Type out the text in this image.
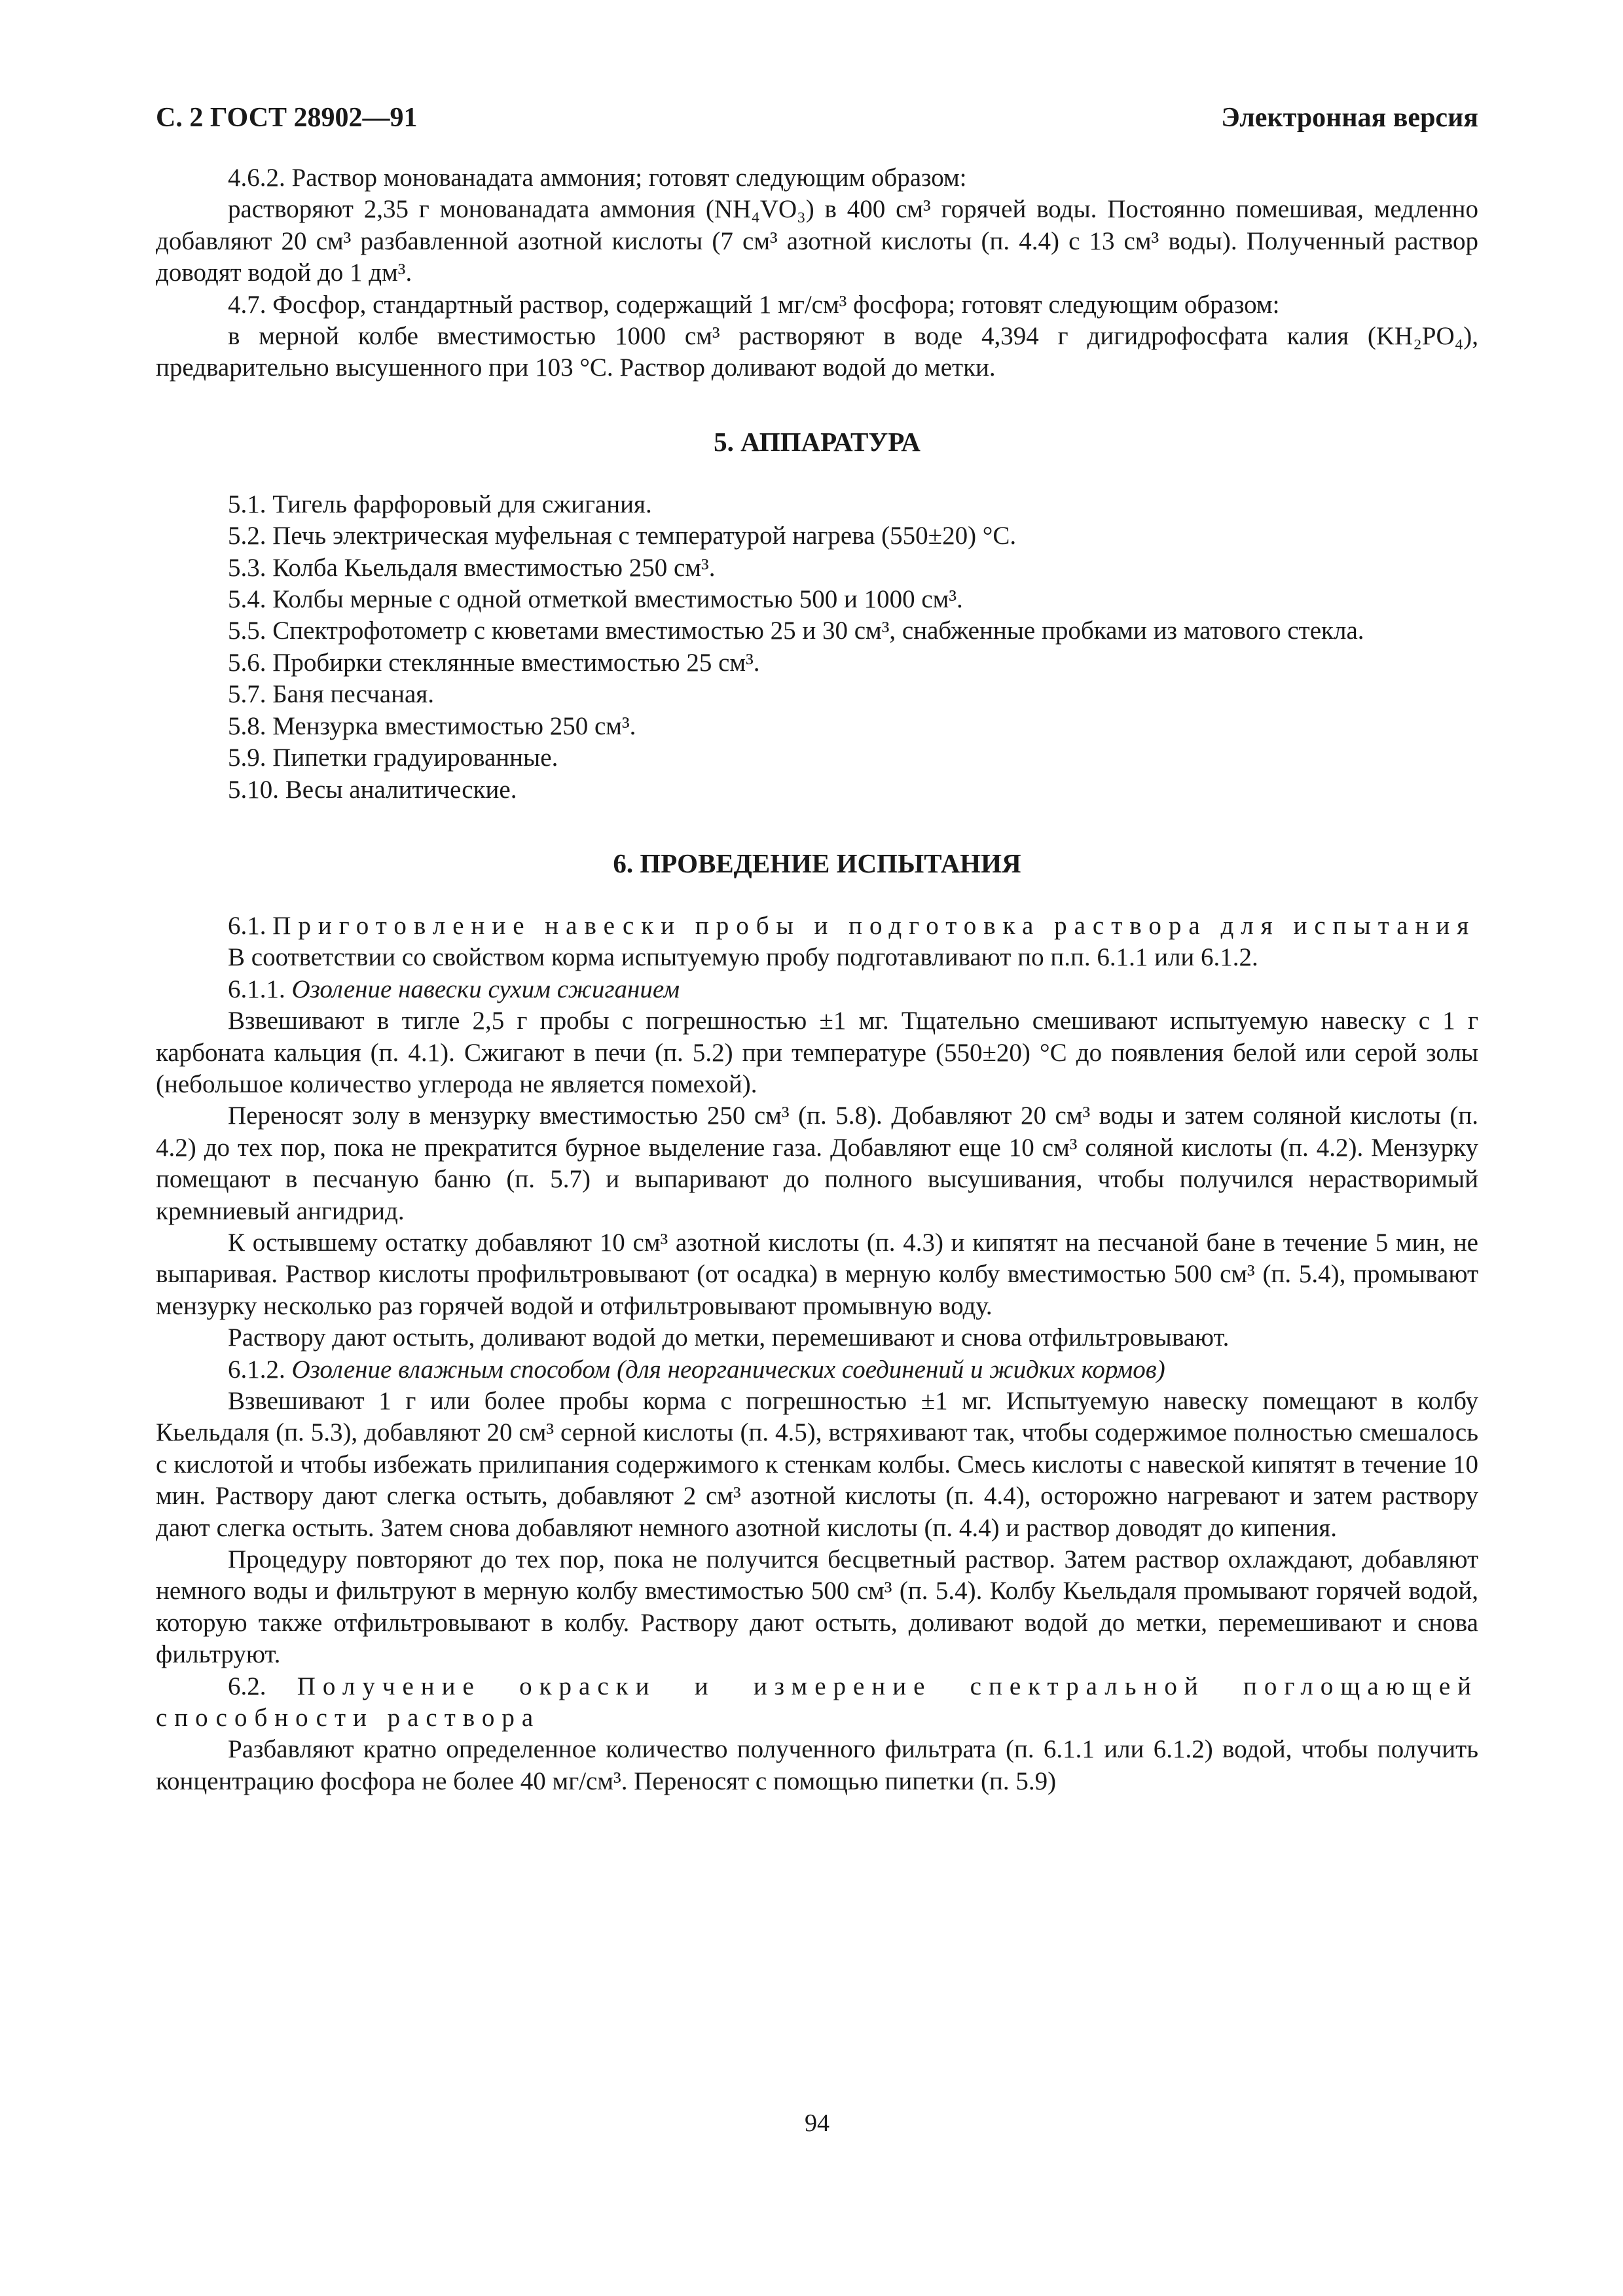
С. 2 ГОСТ 28902—91	Электронная версия

4.6.2. Раствор монованадата аммония; готовят следующим образом:

растворяют 2,35 г монованадата аммония (NH₄VO₃) в 400 см³ горячей воды. Постоянно помешивая, медленно добавляют 20 см³ разбавленной азотной кислоты (7 см³ азотной кислоты (п. 4.4) с 13 см³ воды). Полученный раствор доводят водой до 1 дм³.

4.7. Фосфор, стандартный раствор, содержащий 1 мг/см³ фосфора; готовят следующим образом:

в мерной колбе вместимостью 1000 см³ растворяют в воде 4,394 г дигидрофосфата калия (KH₂PO₄), предварительно высушенного при 103 °С. Раствор доливают водой до метки.

5. АППАРАТУРА

5.1. Тигель фарфоровый для сжигания.

5.2. Печь электрическая муфельная с температурой нагрева (550±20) °С.

5.3. Колба Кьельдаля вместимостью 250 см³.

5.4. Колбы мерные с одной отметкой вместимостью 500 и 1000 см³.

5.5. Спектрофотометр с кюветами вместимостью 25 и 30 см³, снабженные пробками из матового стекла.

5.6. Пробирки стеклянные вместимостью 25 см³.

5.7. Баня песчаная.

5.8. Мензурка вместимостью 250 см³.

5.9. Пипетки градуированные.

5.10. Весы аналитические.

6. ПРОВЕДЕНИЕ ИСПЫТАНИЯ

6.1. Приготовление навески пробы и подготовка раствора для испытания

В соответствии со свойством корма испытуемую пробу подготавливают по п.п. 6.1.1 или 6.1.2.

6.1.1. Озоление навески сухим сжиганием

Взвешивают в тигле 2,5 г пробы с погрешностью ±1 мг. Тщательно смешивают испытуемую навеску с 1 г карбоната кальция (п. 4.1). Сжигают в печи (п. 5.2) при температуре (550±20) °С до появления белой или серой золы (небольшое количество углерода не является помехой).

Переносят золу в мензурку вместимостью 250 см³ (п. 5.8). Добавляют 20 см³ воды и затем соляной кислоты (п. 4.2) до тех пор, пока не прекратится бурное выделение газа. Добавляют еще 10 см³ соляной кислоты (п. 4.2). Мензурку помещают в песчаную баню (п. 5.7) и выпаривают до полного высушивания, чтобы получился нерастворимый кремниевый ангидрид.

К остывшему остатку добавляют 10 см³ азотной кислоты (п. 4.3) и кипятят на песчаной бане в течение 5 мин, не выпаривая. Раствор кислоты профильтровывают (от осадка) в мерную колбу вместимостью 500 см³ (п. 5.4), промывают мензурку несколько раз горячей водой и отфильтровывают промывную воду.

Раствору дают остыть, доливают водой до метки, перемешивают и снова отфильтровывают.

6.1.2. Озоление влажным способом (для неорганических соединений и жидких кормов)

Взвешивают 1 г или более пробы корма с погрешностью ±1 мг. Испытуемую навеску помещают в колбу Кьельдаля (п. 5.3), добавляют 20 см³ серной кислоты (п. 4.5), встряхивают так, чтобы содержимое полностью смешалось с кислотой и чтобы избежать прилипания содержимого к стенкам колбы. Смесь кислоты с навеской кипятят в течение 10 мин. Раствору дают слегка остыть, добавляют 2 см³ азотной кислоты (п. 4.4), осторожно нагревают и затем раствору дают слегка остыть. Затем снова добавляют немного азотной кислоты (п. 4.4) и раствор доводят до кипения.

Процедуру повторяют до тех пор, пока не получится бесцветный раствор. Затем раствор охлаждают, добавляют немного воды и фильтруют в мерную колбу вместимостью 500 см³ (п. 5.4). Колбу Кьельдаля промывают горячей водой, которую также отфильтровывают в колбу. Раствору дают остыть, доливают водой до метки, перемешивают и снова фильтруют.

6.2. Получение окраски и измерение спектральной поглощающей способности раствора

Разбавляют кратно определенное количество полученного фильтрата (п. 6.1.1 или 6.1.2) водой, чтобы получить концентрацию фосфора не более 40 мг/см³. Переносят с помощью пипетки (п. 5.9)

94
